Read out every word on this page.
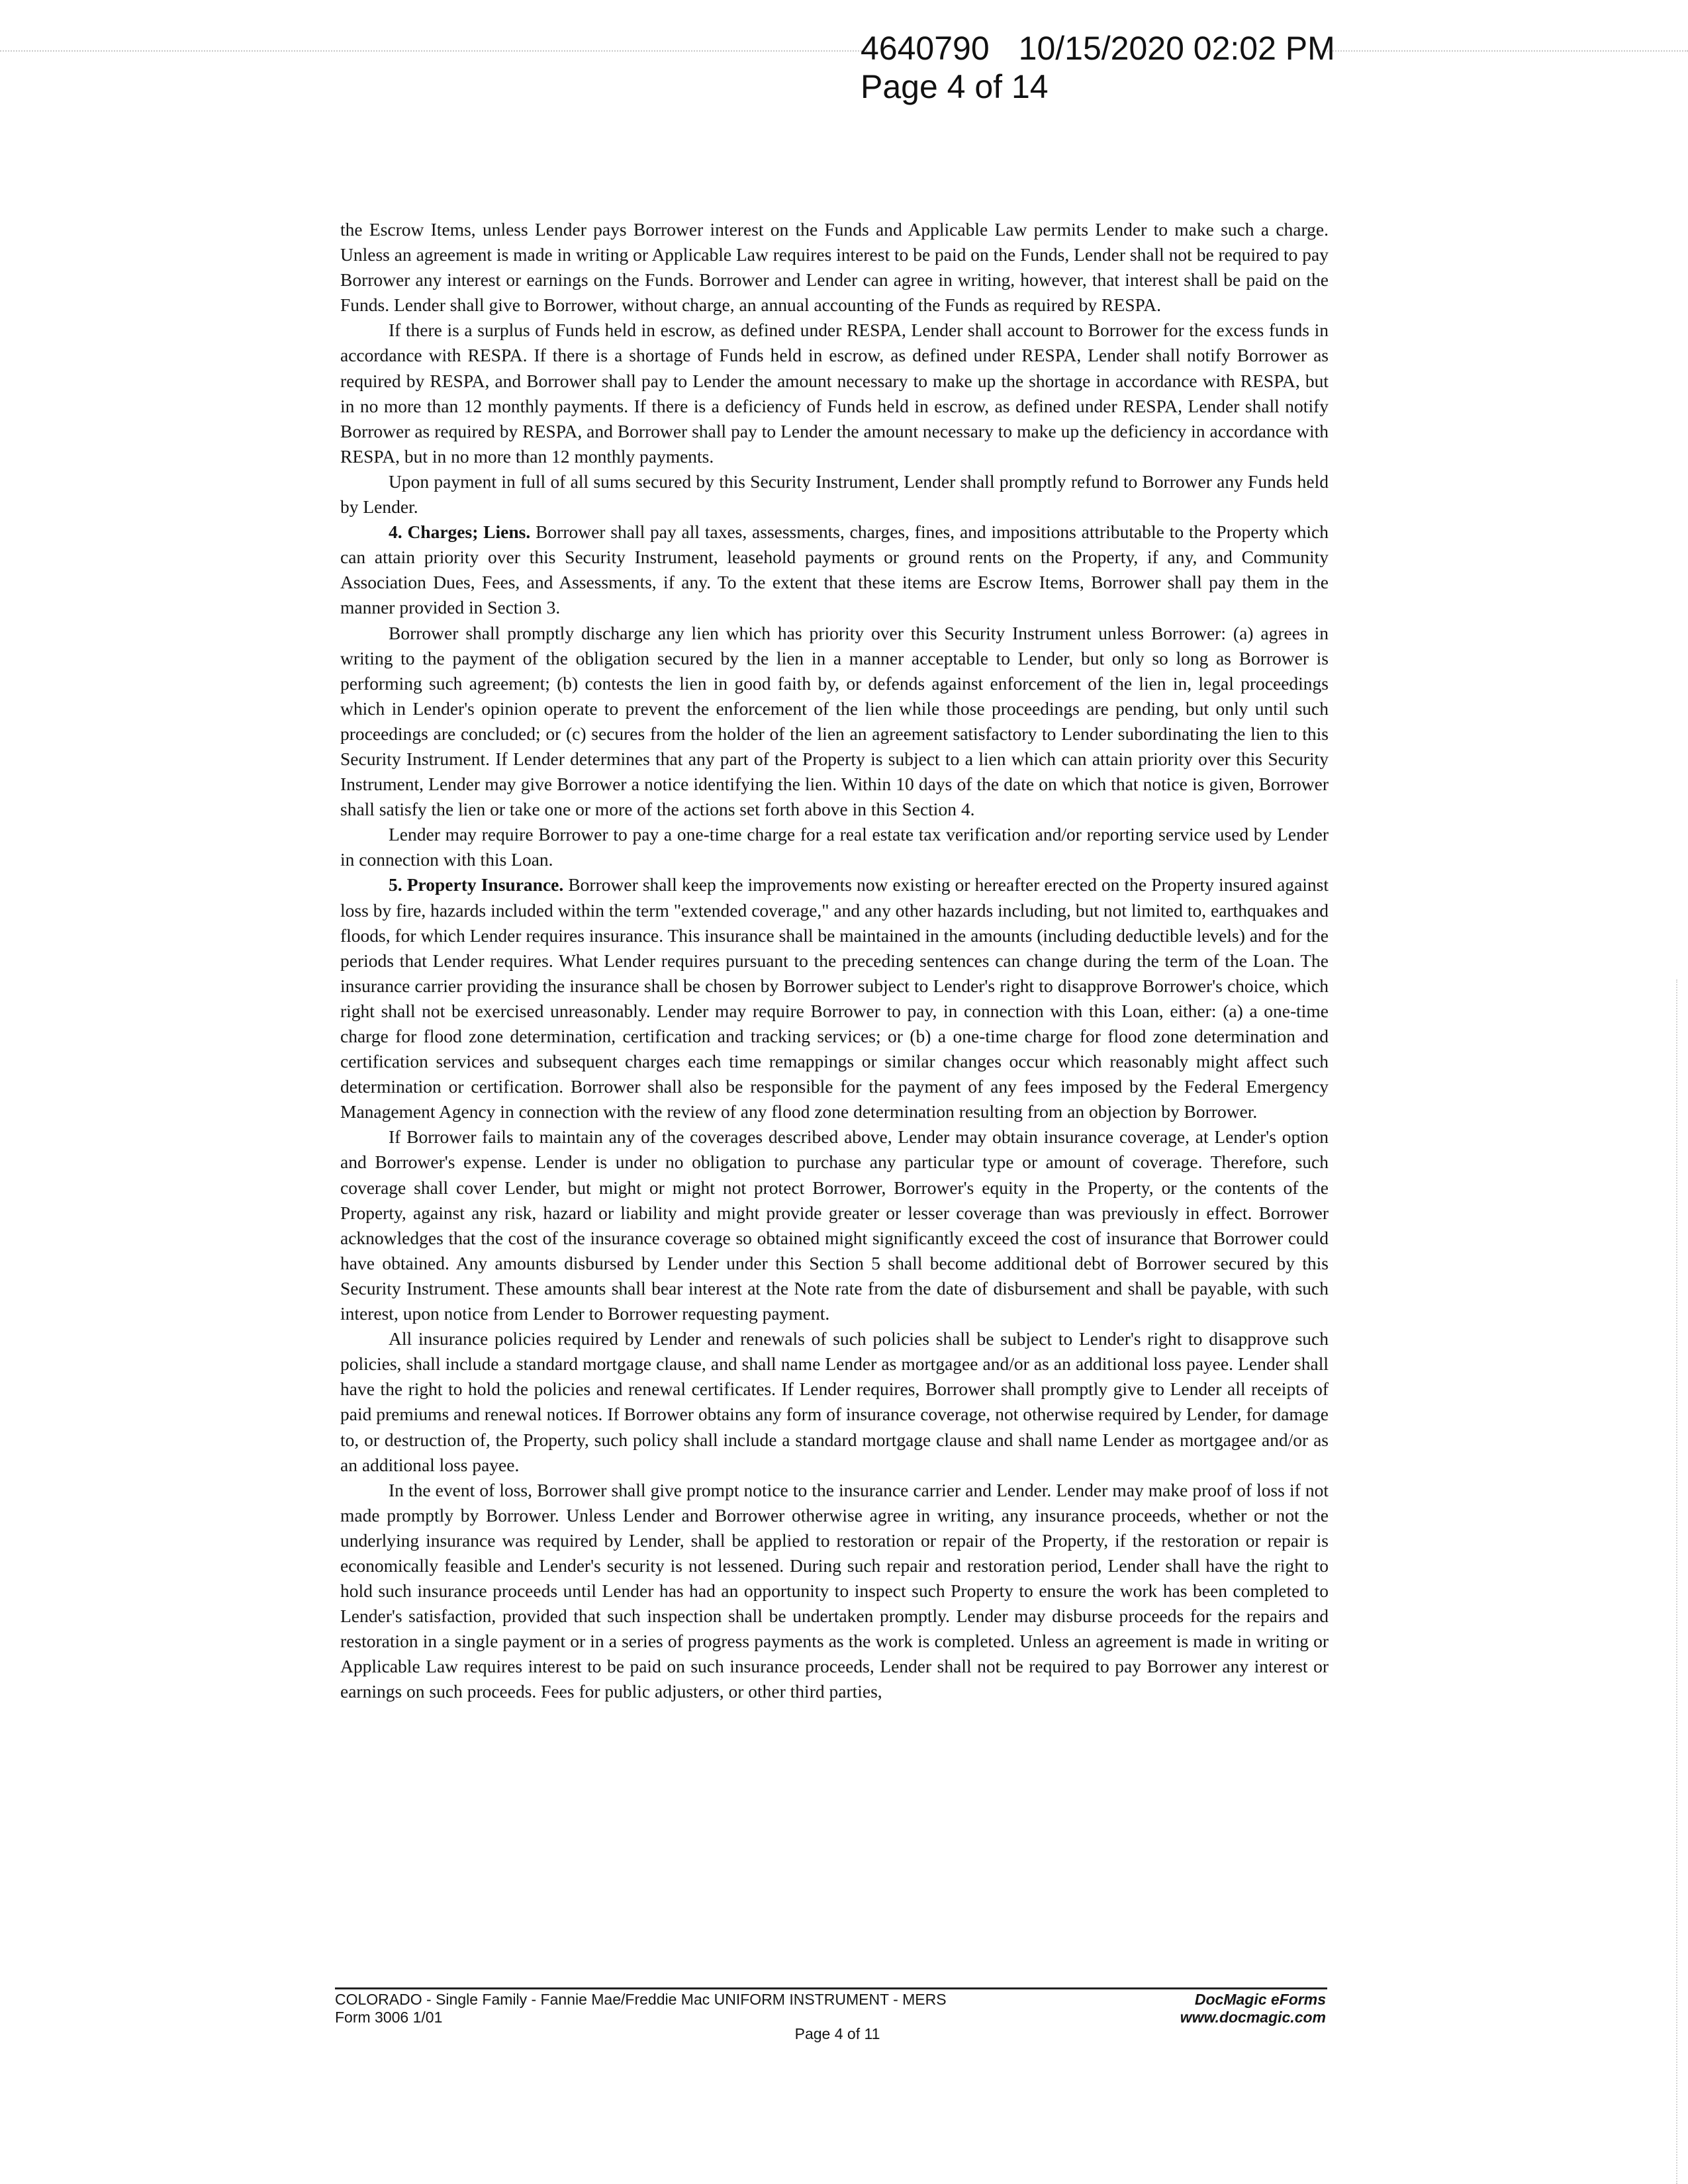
4640790 10/15/2020 02:02 PM
Page 4 of 14

the Escrow Items, unless Lender pays Borrower interest on the Funds and Applicable Law permits Lender to make such a charge. Unless an agreement is made in writing or Applicable Law requires interest to be paid on the Funds, Lender shall not be required to pay Borrower any interest or earnings on the Funds. Borrower and Lender can agree in writing, however, that interest shall be paid on the Funds. Lender shall give to Borrower, without charge, an annual accounting of the Funds as required by RESPA.

If there is a surplus of Funds held in escrow, as defined under RESPA, Lender shall account to Borrower for the excess funds in accordance with RESPA. If there is a shortage of Funds held in escrow, as defined under RESPA, Lender shall notify Borrower as required by RESPA, and Borrower shall pay to Lender the amount necessary to make up the shortage in accordance with RESPA, but in no more than 12 monthly payments. If there is a deficiency of Funds held in escrow, as defined under RESPA, Lender shall notify Borrower as required by RESPA, and Borrower shall pay to Lender the amount necessary to make up the deficiency in accordance with RESPA, but in no more than 12 monthly payments.

Upon payment in full of all sums secured by this Security Instrument, Lender shall promptly refund to Borrower any Funds held by Lender.

4. Charges; Liens. Borrower shall pay all taxes, assessments, charges, fines, and impositions attributable to the Property which can attain priority over this Security Instrument, leasehold payments or ground rents on the Property, if any, and Community Association Dues, Fees, and Assessments, if any. To the extent that these items are Escrow Items, Borrower shall pay them in the manner provided in Section 3.

Borrower shall promptly discharge any lien which has priority over this Security Instrument unless Borrower: (a) agrees in writing to the payment of the obligation secured by the lien in a manner acceptable to Lender, but only so long as Borrower is performing such agreement; (b) contests the lien in good faith by, or defends against enforcement of the lien in, legal proceedings which in Lender's opinion operate to prevent the enforcement of the lien while those proceedings are pending, but only until such proceedings are concluded; or (c) secures from the holder of the lien an agreement satisfactory to Lender subordinating the lien to this Security Instrument. If Lender determines that any part of the Property is subject to a lien which can attain priority over this Security Instrument, Lender may give Borrower a notice identifying the lien. Within 10 days of the date on which that notice is given, Borrower shall satisfy the lien or take one or more of the actions set forth above in this Section 4.

Lender may require Borrower to pay a one-time charge for a real estate tax verification and/or reporting service used by Lender in connection with this Loan.

5. Property Insurance. Borrower shall keep the improvements now existing or hereafter erected on the Property insured against loss by fire, hazards included within the term "extended coverage," and any other hazards including, but not limited to, earthquakes and floods, for which Lender requires insurance. This insurance shall be maintained in the amounts (including deductible levels) and for the periods that Lender requires. What Lender requires pursuant to the preceding sentences can change during the term of the Loan. The insurance carrier providing the insurance shall be chosen by Borrower subject to Lender's right to disapprove Borrower's choice, which right shall not be exercised unreasonably. Lender may require Borrower to pay, in connection with this Loan, either: (a) a one-time charge for flood zone determination, certification and tracking services; or (b) a one-time charge for flood zone determination and certification services and subsequent charges each time remappings or similar changes occur which reasonably might affect such determination or certification. Borrower shall also be responsible for the payment of any fees imposed by the Federal Emergency Management Agency in connection with the review of any flood zone determination resulting from an objection by Borrower.

If Borrower fails to maintain any of the coverages described above, Lender may obtain insurance coverage, at Lender's option and Borrower's expense. Lender is under no obligation to purchase any particular type or amount of coverage. Therefore, such coverage shall cover Lender, but might or might not protect Borrower, Borrower's equity in the Property, or the contents of the Property, against any risk, hazard or liability and might provide greater or lesser coverage than was previously in effect. Borrower acknowledges that the cost of the insurance coverage so obtained might significantly exceed the cost of insurance that Borrower could have obtained. Any amounts disbursed by Lender under this Section 5 shall become additional debt of Borrower secured by this Security Instrument. These amounts shall bear interest at the Note rate from the date of disbursement and shall be payable, with such interest, upon notice from Lender to Borrower requesting payment.

All insurance policies required by Lender and renewals of such policies shall be subject to Lender's right to disapprove such policies, shall include a standard mortgage clause, and shall name Lender as mortgagee and/or as an additional loss payee. Lender shall have the right to hold the policies and renewal certificates. If Lender requires, Borrower shall promptly give to Lender all receipts of paid premiums and renewal notices. If Borrower obtains any form of insurance coverage, not otherwise required by Lender, for damage to, or destruction of, the Property, such policy shall include a standard mortgage clause and shall name Lender as mortgagee and/or as an additional loss payee.

In the event of loss, Borrower shall give prompt notice to the insurance carrier and Lender. Lender may make proof of loss if not made promptly by Borrower. Unless Lender and Borrower otherwise agree in writing, any insurance proceeds, whether or not the underlying insurance was required by Lender, shall be applied to restoration or repair of the Property, if the restoration or repair is economically feasible and Lender's security is not lessened. During such repair and restoration period, Lender shall have the right to hold such insurance proceeds until Lender has had an opportunity to inspect such Property to ensure the work has been completed to Lender's satisfaction, provided that such inspection shall be undertaken promptly. Lender may disburse proceeds for the repairs and restoration in a single payment or in a series of progress payments as the work is completed. Unless an agreement is made in writing or Applicable Law requires interest to be paid on such insurance proceeds, Lender shall not be required to pay Borrower any interest or earnings on such proceeds. Fees for public adjusters, or other third parties,

COLORADO - Single Family - Fannie Mae/Freddie Mac UNIFORM INSTRUMENT - MERS
Form 3006 1/01
DocMagic eForms
www.docmagic.com
Page 4 of 11
